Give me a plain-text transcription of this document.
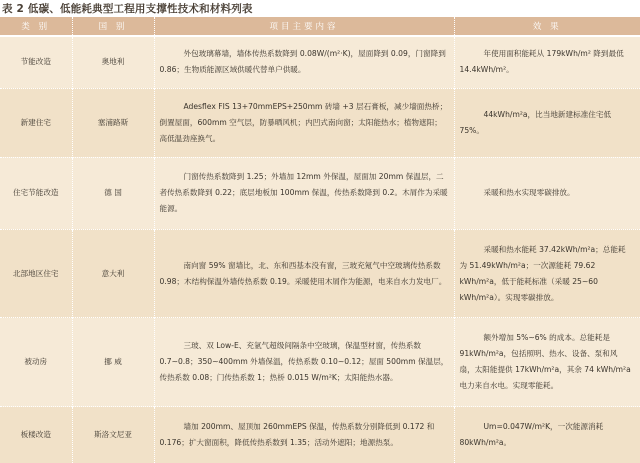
表 2 低碳、低能耗典型工程用支撑性技术和材料列表
类 别	国 别	项目主要内容	效 果
节能改造	奥地利	外包玻璃幕墙，墙体传热系数降到 0.08W/(m²·K)，屋面降到 0.09，门窗降到 0.86；生物质能源区域供暖代替单户供暖。	年使用面积能耗从 179kWh/m² 降到最低 14.4kWh/m²。
新建住宅	塞浦路斯	Adesflex FIS 13+70mmEPS+250mm 砖墙 +3 层石膏板，减少墙面热桥；倒置屋面，600mm 空气层，防暴晒风机；内凹式南向窗；太阳能热水；植物遮阳；高低温劲座换气。	44kWh/m²a，比当地新建标准住宅低 75%。
住宅节能改造	德 国	门窗传热系数降到 1.25；外墙加 12mm 外保温，屋面加 20mm 保温层，二者传热系数降到 0.22；底层地板加 100mm 保温，传热系数降到 0.2。木屑作为采暖能源。	采暖和热水实现零碳排放。
北部地区住宅	意大利	南向窗 59% 窗墙比，北、东和西基本没有窗，三玻充氪气中空玻璃传热系数 0.98；木结构保温外墙传热系数 0.19。采暖使用木屑作为能源，电来自水力发电厂。	采暖和热水能耗 37.42kWh/m²a；总能耗为 51.49kWh/m²a；一次源能耗 79.62 kWh/m²a，低于能耗标准（采暖 25~60 kWh/m²a）。实现零碳排放。
被动房	挪 威	三玻、双 Low-E、充氩气超级间隔条中空玻璃，保温型材窗，传热系数 0.7~0.8；350~400mm 外墙保温，传热系数 0.10~0.12；屋面 500mm 保温层，传热系数 0.08；门传热系数 1；热桥 0.015 W/m²K；太阳能热水器。	额外增加 5%~6% 的成本。总能耗是 91kWh/m²a，包括照明、热水、设备、泵和风扇，太阳能提供 17kWh/m²a，其余 74 kWh/m²a 电力来自水电。实现零能耗。
板楼改造	斯洛文尼亚	墙加 200mm、屋顶加 260mmEPS 保温，传热系数分别降低到 0.172 和 0.176；扩大窗面积，降低传热系数到 1.35；活动外遮阳；地源热泵。	Um=0.047W/m²K，一次能源消耗 80kWh/m²a。
